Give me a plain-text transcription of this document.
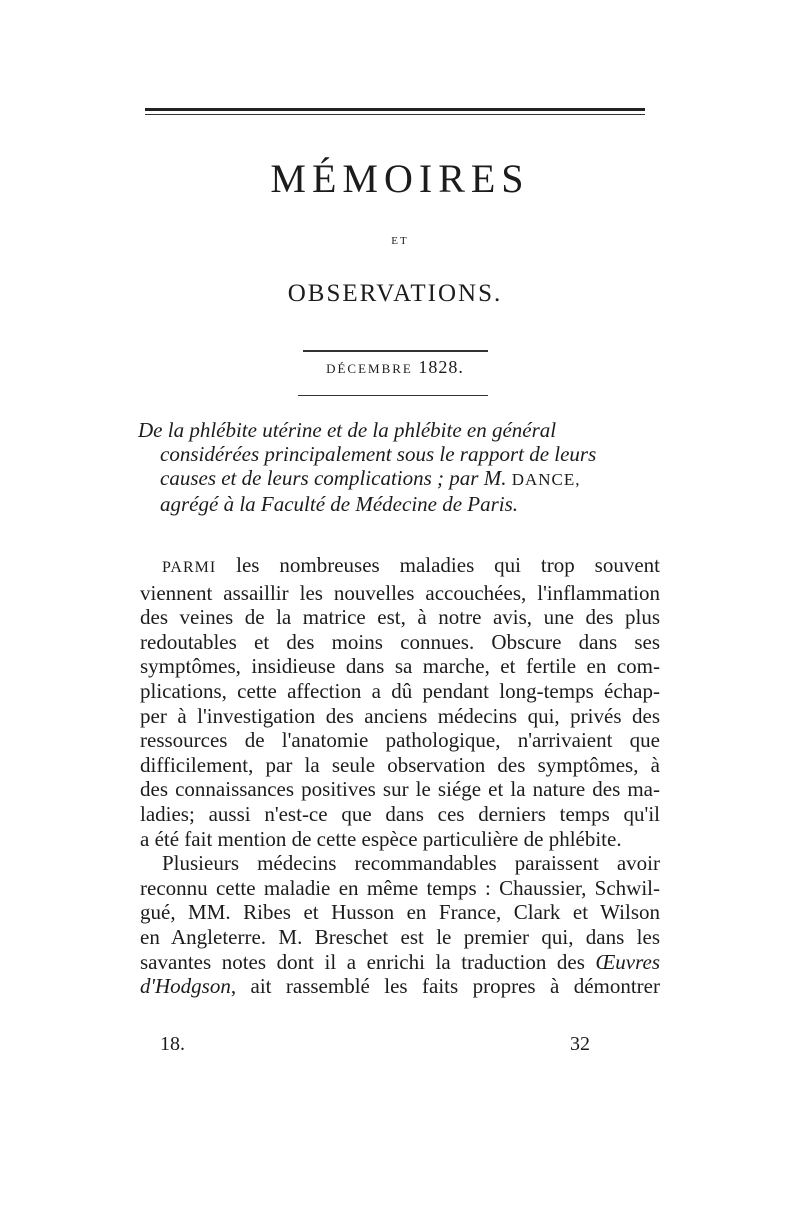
MÉMOIRES
ET
OBSERVATIONS.
DÉCEMBRE 1828.
De la phlébite utérine et de la phlébite en général
considérées principalement sous le rapport de leurs
causes et de leurs complications ; par M. DANCE,
agrégé à la Faculté de Médecine de Paris.
PARMI les nombreuses maladies qui trop souvent
viennent assaillir les nouvelles accouchées, l'inflammation
des veines de la matrice est, à notre avis, une des plus
redoutables et des moins connues. Obscure dans ses
symptômes, insidieuse dans sa marche, et fertile en com-
plications, cette affection a dû pendant long-temps échap-
per à l'investigation des anciens médecins qui, privés des
ressources de l'anatomie pathologique, n'arrivaient que
difficilement, par la seule observation des symptômes, à
des connaissances positives sur le siége et la nature des ma-
ladies; aussi n'est-ce que dans ces derniers temps qu'il
a été fait mention de cette espèce particulière de phlébite.
Plusieurs médecins recommandables paraissent avoir
reconnu cette maladie en même temps : Chaussier, Schwil-
gué, MM. Ribes et Husson en France, Clark et Wilson
en Angleterre. M. Breschet est le premier qui, dans les
savantes notes dont il a enrichi la traduction des Œuvres
d'Hodgson, ait rassemblé les faits propres à démontrer
18.	32
